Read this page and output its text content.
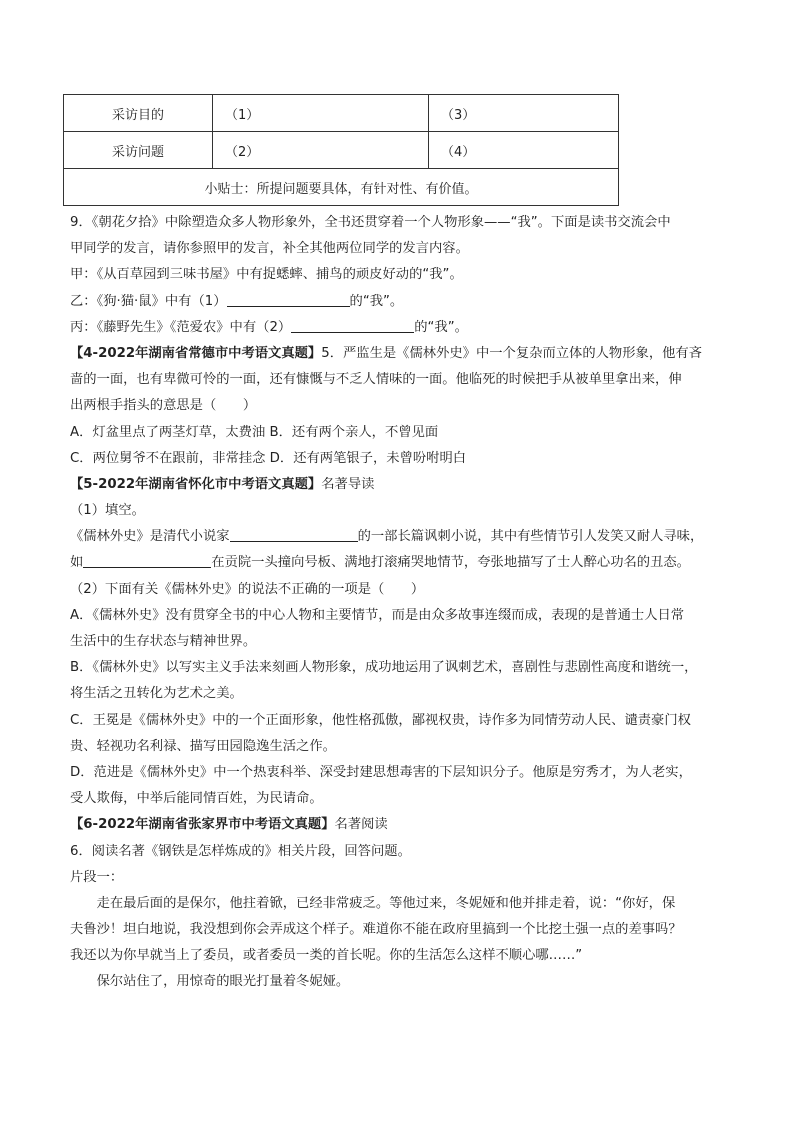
采访目的	（1）	（3）
采访问题	（2）	（4）
小贴士：所提问题要具体，有针对性、有价值。		
9．《朝花夕拾》中除塑造众多人物形象外，全书还贯穿着一个人物形象——“我”。下面是读书交流会中
甲同学的发言，请你参照甲的发言，补全其他两位同学的发言内容。
甲：《从百草园到三味书屋》中有捉蟋蟀、捕鸟的顽皮好动的“我”。
乙：《狗·猫·鼠》中有（1）	的“我”。
丙：《藤野先生》《范爱农》中有（2）	的“我”。
【4-2022年湖南省常德市中考语文真题】5．严监生是《儒林外史》中一个复杂而立体的人物形象，他有吝
啬的一面，也有卑微可怜的一面，还有慷慨与不乏人情味的一面。他临死的时候把手从被单里拿出来，伸
出两根手指头的意思是（　　）
A．灯盆里点了两茎灯草，太费油 B．还有两个亲人，不曾见面
C．两位舅爷不在跟前，非常挂念 D．还有两笔银子，未曾吩咐明白
【5-2022年湖南省怀化市中考语文真题】名著导读
（1）填空。
《儒林外史》是清代小说家	的一部长篇讽刺小说，其中有些情节引人发笑又耐人寻味，
如	在贡院一头撞向号板、满地打滚痛哭地情节，夸张地描写了士人醉心功名的丑态。
（2）下面有关《儒林外史》的说法不正确的一项是（　　）
A．《儒林外史》没有贯穿全书的中心人物和主要情节，而是由众多故事连缀而成，表现的是普通士人日常
生活中的生存状态与精神世界。
B．《儒林外史》以写实主义手法来刻画人物形象，成功地运用了讽刺艺术，喜剧性与悲剧性高度和谐统一，
将生活之丑转化为艺术之美。
C．王冕是《儒林外史》中的一个正面形象，他性格孤傲，鄙视权贵，诗作多为同情劳动人民、谴责豪门权
贵、轻视功名利禄、描写田园隐逸生活之作。
D．范进是《儒林外史》中一个热衷科举、深受封建思想毒害的下层知识分子。他原是穷秀才，为人老实，
受人欺侮，中举后能同情百姓，为民请命。
【6-2022年湖南省张家界市中考语文真题】名著阅读
6．阅读名著《钢铁是怎样炼成的》相关片段，回答问题。
片段一：
走在最后面的是保尔，他拄着锨，已经非常疲乏。等他过来，冬妮娅和他并排走着，说：“你好，保
夫鲁沙！坦白地说，我没想到你会弄成这个样子。难道你不能在政府里搞到一个比挖土强一点的差事吗？
我还以为你早就当上了委员，或者委员一类的首长呢。你的生活怎么这样不顺心哪……”
保尔站住了，用惊奇的眼光打量着冬妮娅。
